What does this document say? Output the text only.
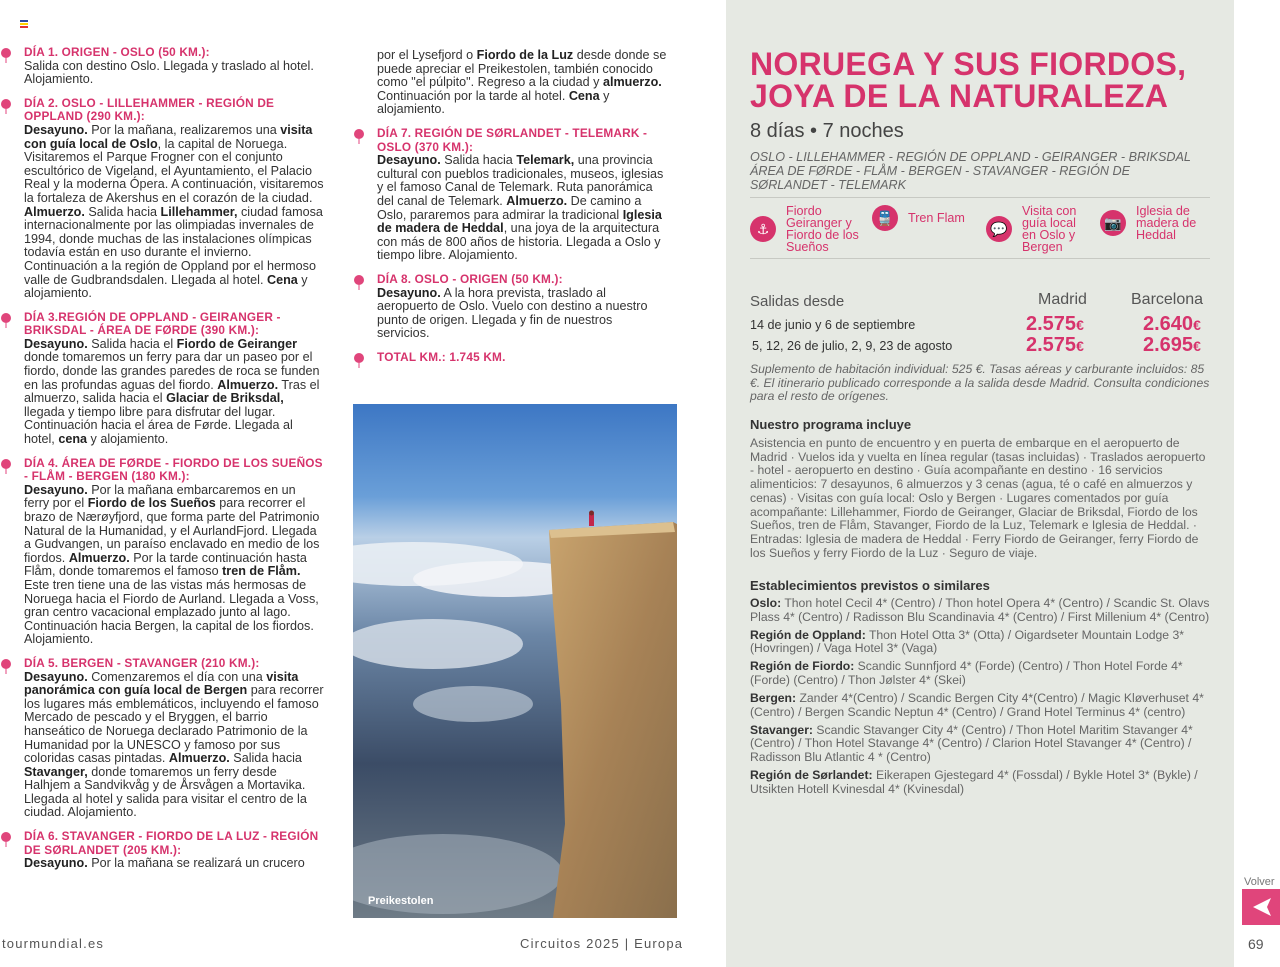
DÍA 1. ORIGEN - OSLO (50 KM.):
Salida con destino Oslo. Llegada y traslado al hotel. Alojamiento.
DÍA 2. OSLO - LILLEHAMMER - REGIÓN DE OPPLAND (290 KM.):
Desayuno. Por la mañana, realizaremos una visita con guía local de Oslo, la capital de Noruega. Visitaremos el Parque Frogner con el conjunto escultórico de Vigeland, el Ayuntamiento, el Palacio Real y la moderna Ópera. A continuación, visitaremos la fortaleza de Akershus en el corazón de la ciudad. Almuerzo. Salida hacia Lillehammer, ciudad famosa internacionalmente por las olimpiadas invernales de 1994, donde muchas de las instalaciones olímpicas todavía están en uso durante el invierno. Continuación a la región de Oppland por el hermoso valle de Gudbrandsdalen. Llegada al hotel. Cena y alojamiento.
DÍA 3.REGIÓN DE OPPLAND - GEIRANGER - BRIKSDAL - ÁREA DE FØRDE (390 KM.):
Desayuno. Salida hacia el Fiordo de Geiranger donde tomaremos un ferry para dar un paseo por el fiordo, donde las grandes paredes de roca se funden en las profundas aguas del fiordo. Almuerzo. Tras el almuerzo, salida hacia el Glaciar de Briksdal, llegada y tiempo libre para disfrutar del lugar. Continuación hacia el área de Førde. Llegada al hotel, cena y alojamiento.
DÍA 4. ÁREA DE FØRDE - FIORDO DE LOS SUEÑOS - FLÅM - BERGEN (180 KM.):
Desayuno. Por la mañana embarcaremos en un ferry por el Fiordo de los Sueños para recorrer el brazo de Nærøyfjord, que forma parte del Patrimonio Natural de la Humanidad, y el AurlandFjord. Llegada a Gudvangen, un paraíso enclavado en medio de los fiordos. Almuerzo. Por la tarde continuación hasta Flåm, donde tomaremos el famoso tren de Flåm. Este tren tiene una de las vistas más hermosas de Noruega hacia el Fiordo de Aurland. Llegada a Voss, gran centro vacacional emplazado junto al lago. Continuación hacia Bergen, la capital de los fiordos. Alojamiento.
DÍA 5. BERGEN - STAVANGER (210 KM.):
Desayuno. Comenzaremos el día con una visita panorámica con guía local de Bergen para recorrer los lugares más emblemáticos, incluyendo el famoso Mercado de pescado y el Bryggen, el barrio hanseático de Noruega declarado Patrimonio de la Humanidad por la UNESCO y famoso por sus coloridas casas pintadas. Almuerzo. Salida hacia Stavanger, donde tomaremos un ferry desde Halhjem a Sandvikvåg y de Årsvågen a Mortavika. Llegada al hotel y salida para visitar el centro de la ciudad. Alojamiento.
DÍA 6. STAVANGER - FIORDO DE LA LUZ - REGIÓN DE SØRLANDET (205 KM.):
Desayuno. Por la mañana se realizará un crucero
por el Lysefjord o Fiordo de la Luz desde donde se puede apreciar el Preikestolen, también conocido como "el púlpito". Regreso a la ciudad y almuerzo. Continuación por la tarde al hotel. Cena y alojamiento.
DÍA 7. REGIÓN DE SØRLANDET - TELEMARK - OSLO (370 KM.):
Desayuno. Salida hacia Telemark, una provincia cultural con pueblos tradicionales, museos, iglesias y el famoso Canal de Telemark. Ruta panorámica del canal de Telemark. Almuerzo. De camino a Oslo, pararemos para admirar la tradicional Iglesia de madera de Heddal, una joya de la arquitectura con más de 800 años de historia. Llegada a Oslo y tiempo libre. Alojamiento.
DÍA 8. OSLO - ORIGEN (50 KM.):
Desayuno. A la hora prevista, traslado al aeropuerto de Oslo. Vuelo con destino a nuestro punto de origen. Llegada y fin de nuestros servicios.
TOTAL KM.: 1.745 KM.
Preikestolen
tourmundial.es	Circuitos 2025 | Europa
NORUEGA Y SUS FIORDOS, JOYA DE LA NATURALEZA
8 días • 7 noches
OSLO - LILLEHAMMER - REGIÓN DE OPPLAND - GEIRANGER - BRIKSDAL ÁREA DE FØRDE - FLÅM - BERGEN - STAVANGER - REGIÓN DE SØRLANDET - TELEMARK
⚓
Fiordo Geiranger y Fiordo de los Sueños
🚆	Tren Flam
💬
Visita con guía local en Oslo y Bergen
📷
Iglesia de madera de Heddal
Salidas desde	Madrid	Barcelona
14 de junio y 6 de septiembre	2.575€	2.640€
5, 12, 26 de julio, 2, 9, 23 de agosto	2.575€	2.695€
Suplemento de habitación individual: 525 €. Tasas aéreas y carburante incluidos: 85 €. El itinerario publicado corresponde a la salida desde Madrid. Consulta condiciones para el resto de orígenes.
Nuestro programa incluye
Asistencia en punto de encuentro y en puerta de embarque en el aeropuerto de Madrid · Vuelos ida y vuelta en línea regular (tasas incluidas) · Traslados aeropuerto - hotel - aeropuerto en destino · Guía acompañante en destino · 16 servicios alimenticios: 7 desayunos, 6 almuerzos y 3 cenas (agua, té o café en almuerzos y cenas) · Visitas con guía local: Oslo y Bergen · Lugares comentados por guía acompañante: Lillehammer, Fiordo de Geiranger, Glaciar de Briksdal, Fiordo de los Sueños, tren de Flåm, Stavanger, Fiordo de la Luz, Telemark e Iglesia de Heddal. · Entradas: Iglesia de madera de Heddal · Ferry Fiordo de Geiranger, ferry Fiordo de los Sueños y ferry Fiordo de la Luz · Seguro de viaje.
Establecimientos previstos o similares

Oslo: Thon hotel Cecil 4* (Centro) / Thon hotel Opera 4* (Centro) / Scandic St. Olavs Plass 4* (Centro) / Radisson Blu Scandinavia 4* (Centro) / First Millenium 4* (Centro)

Región de Oppland: Thon Hotel Otta 3* (Otta) / Oigardseter Mountain Lodge 3* (Hovringen) / Vaga Hotel 3* (Vaga)

Región de Fiordo: Scandic Sunnfjord 4* (Forde) (Centro) / Thon Hotel Forde 4* (Forde) (Centro) / Thon Jølster 4* (Skei)

Bergen: Zander 4*(Centro) / Scandic Bergen City 4*(Centro) / Magic Kløverhuset 4* (Centro) / Bergen Scandic Neptun 4* (Centro) / Grand Hotel Terminus 4* (centro)

Stavanger: Scandic Stavanger City 4* (Centro) / Thon Hotel Maritim Stavanger 4* (Centro) / Thon Hotel Stavange 4* (Centro) / Clarion Hotel Stavanger 4* (Centro) / Radisson Blu Atlantic 4 * (Centro)

Región de Sørlandet: Eikerapen Gjestegard 4* (Fossdal) / Bykle Hotel 3* (Bykle) / Utsikten Hotell Kvinesdal 4* (Kvinesdal)

Volver
69
